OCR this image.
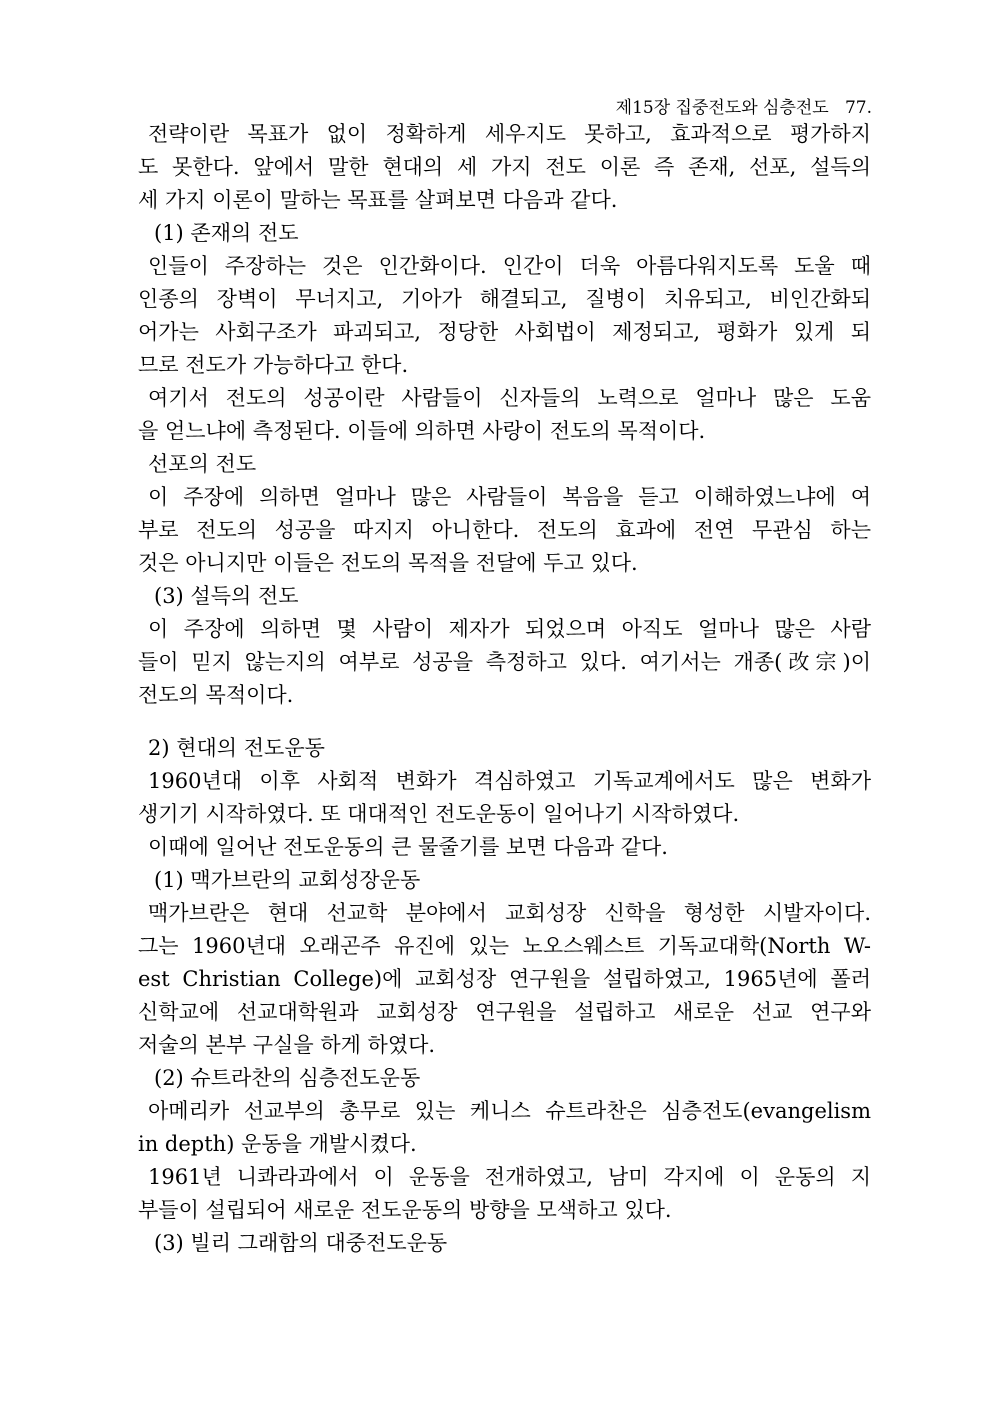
제15장 집중전도와 심층전도 77.
전략이란 목표가 없이 정확하게 세우지도 못하고, 효과적으로 평가하지
도 못한다. 앞에서 말한 현대의 세 가지 전도 이론 즉 존재, 선포, 설득의
세 가지 이론이 말하는 목표를 살펴보면 다음과 같다.
(1) 존재의 전도
인들이 주장하는 것은 인간화이다. 인간이 더욱 아름다워지도록 도울 때
인종의 장벽이 무너지고, 기아가 해결되고, 질병이 치유되고, 비인간화되
어가는 사회구조가 파괴되고, 정당한 사회법이 제정되고, 평화가 있게 되
므로 전도가 가능하다고 한다.
여기서 전도의 성공이란 사람들이 신자들의 노력으로 얼마나 많은 도움
을 얻느냐에 측정된다. 이들에 의하면 사랑이 전도의 목적이다.
선포의 전도
이 주장에 의하면 얼마나 많은 사람들이 복음을 듣고 이해하였느냐에 여
부로 전도의 성공을 따지지 아니한다. 전도의 효과에 전연 무관심 하는
것은 아니지만 이들은 전도의 목적을 전달에 두고 있다.
(3) 설득의 전도
이 주장에 의하면 몇 사람이 제자가 되었으며 아직도 얼마나 많은 사람
들이 믿지 않는지의 여부로 성공을 측정하고 있다. 여기서는 개종(改宗)이
전도의 목적이다.
2) 현대의 전도운동
1960년대 이후 사회적 변화가 격심하였고 기독교계에서도 많은 변화가
생기기 시작하였다. 또 대대적인 전도운동이 일어나기 시작하였다.
이때에 일어난 전도운동의 큰 물줄기를 보면 다음과 같다.
(1) 맥가브란의 교회성장운동
맥가브란은 현대 선교학 분야에서 교회성장 신학을 형성한 시발자이다.
그는 1960년대 오래곤주 유진에 있는 노오스웨스트 기독교대학(North W-
est Christian College)에 교회성장 연구원을 설립하였고, 1965년에 폴러
신학교에 선교대학원과 교회성장 연구원을 설립하고 새로운 선교 연구와
저술의 본부 구실을 하게 하였다.
(2) 슈트라찬의 심층전도운동
아메리카 선교부의 총무로 있는 케니스 슈트라찬은 심층전도(evangelism
in depth) 운동을 개발시켰다.
1961년 니콰라과에서 이 운동을 전개하였고, 남미 각지에 이 운동의 지
부들이 설립되어 새로운 전도운동의 방향을 모색하고 있다.
(3) 빌리 그래함의 대중전도운동
